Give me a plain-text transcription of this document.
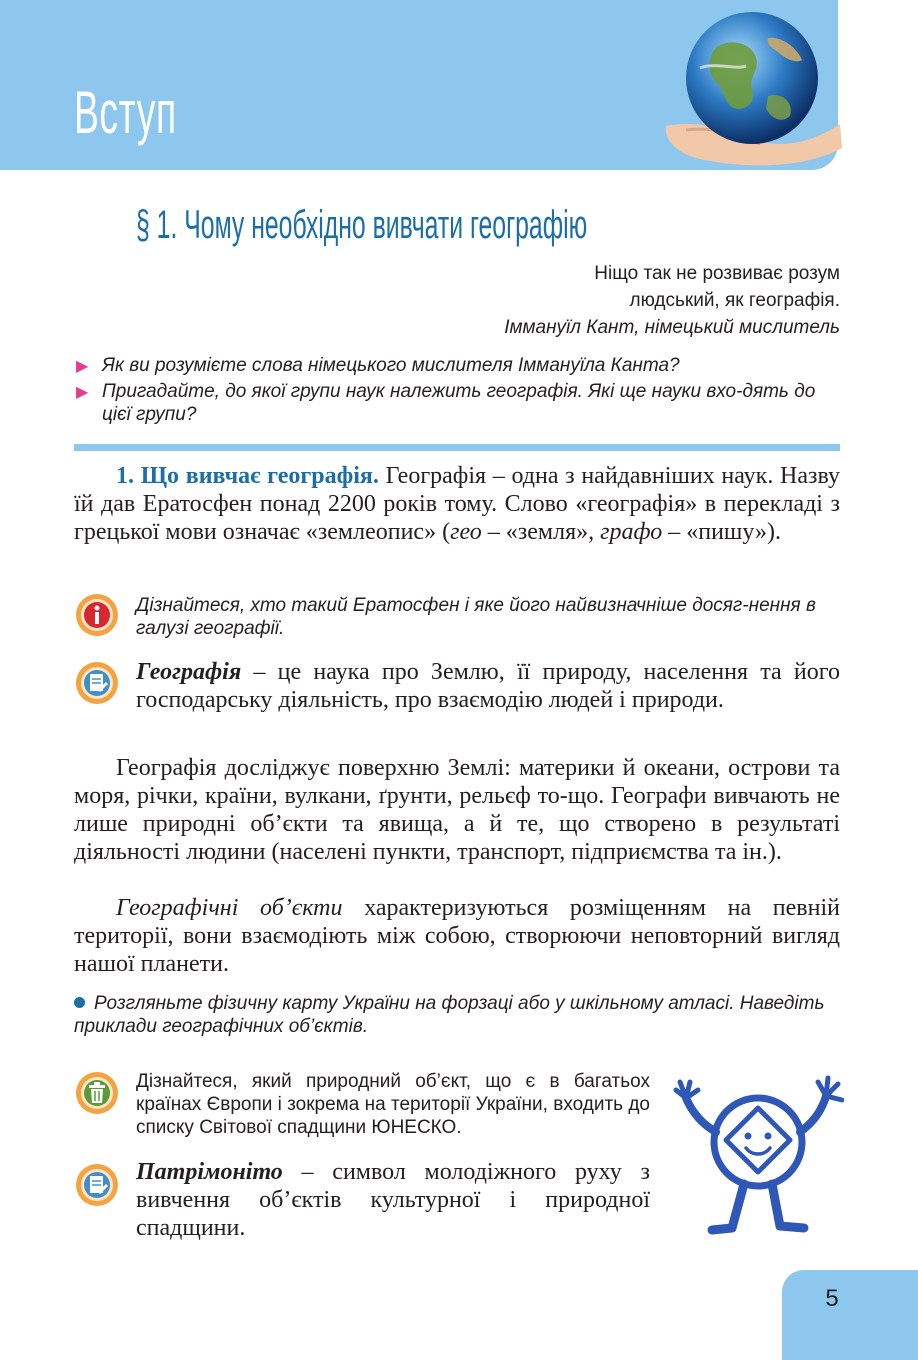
Вступ
§ 1. Чому необхідно вивчати географію
Ніщо так не розвиває розум
людський, як географія.
Іммануїл Кант, німецький мислитель
▶ Як ви розумієте слова німецького мислителя Іммануїла Канта?
▶ Пригадайте, до якої групи наук належить географія. Які ще науки вхо-дять до цієї групи?

1. Що вивчає географія. Географія – одна з найдавніших наук. Назву їй дав Ератосфен понад 2200 років тому. Слово «географія» в перекладі з грецької мови означає «землеопис» (гео – «земля», графо – «пишу»).

Дізнайтеся, хто такий Ератосфен і яке його найвизначніше досяг-нення в галузі географії.

Географія – це наука про Землю, її природу, населення та його господарську діяльність, про взаємодію людей і природи.

Географія досліджує поверхню Землі: материки й океани, острови та моря, річки, країни, вулкани, ґрунти, рельєф то-що. Географи вивчають не лише природні об’єкти та явища, а й те, що створено в результаті діяльності людини (населені пункти, транспорт, підприємства та ін.).

Географічні об’єкти характеризуються розміщенням на певній території, вони взаємодіють між собою, створюючи неповторний вигляд нашої планети.

Розгляньте фізичну карту України на форзаці або у шкільному атласі. Наведіть приклади географічних об’єктів.

Дізнайтеся, який природний об’єкт, що є в багатьох країнах Європи і зокрема на території України, входить до списку Світової спадщини ЮНЕСКО.

Патрімоніто – символ молодіжного руху з вивчення об’єктів культурної і природної спадщини.

5
